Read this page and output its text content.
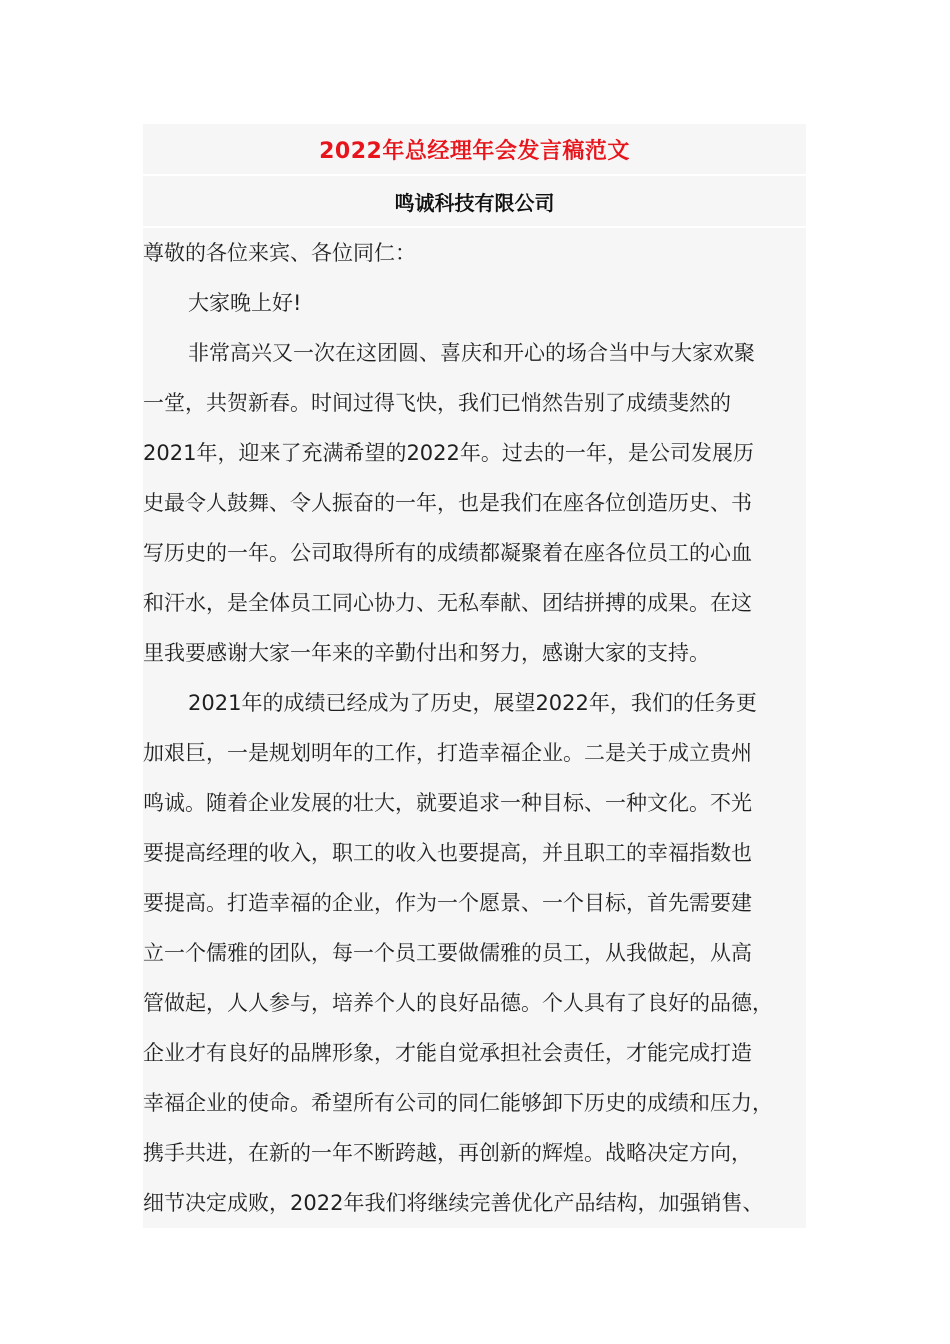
2022年总经理年会发言稿范文
鸣诚科技有限公司
尊敬的各位来宾、各位同仁：
大家晚上好!
非常高兴又一次在这团圆、喜庆和开心的场合当中与大家欢聚
一堂，共贺新春。时间过得飞快，我们已悄然告别了成绩斐然的
2021年，迎来了充满希望的2022年。过去的一年，是公司发展历
史最令人鼓舞、令人振奋的一年，也是我们在座各位创造历史、书
写历史的一年。公司取得所有的成绩都凝聚着在座各位员工的心血
和汗水，是全体员工同心协力、无私奉献、团结拼搏的成果。在这
里我要感谢大家一年来的辛勤付出和努力，感谢大家的支持。
2021年的成绩已经成为了历史，展望2022年，我们的任务更
加艰巨，一是规划明年的工作，打造幸福企业。二是关于成立贵州
鸣诚。随着企业发展的壮大，就要追求一种目标、一种文化。不光
要提高经理的收入，职工的收入也要提高，并且职工的幸福指数也
要提高。打造幸福的企业，作为一个愿景、一个目标，首先需要建
立一个儒雅的团队，每一个员工要做儒雅的员工，从我做起，从高
管做起，人人参与，培养个人的良好品德。个人具有了良好的品德，
企业才有良好的品牌形象，才能自觉承担社会责任，才能完成打造
幸福企业的使命。希望所有公司的同仁能够卸下历史的成绩和压力，
携手共进，在新的一年不断跨越，再创新的辉煌。战略决定方向，
细节决定成败，2022年我们将继续完善优化产品结构，加强销售、
